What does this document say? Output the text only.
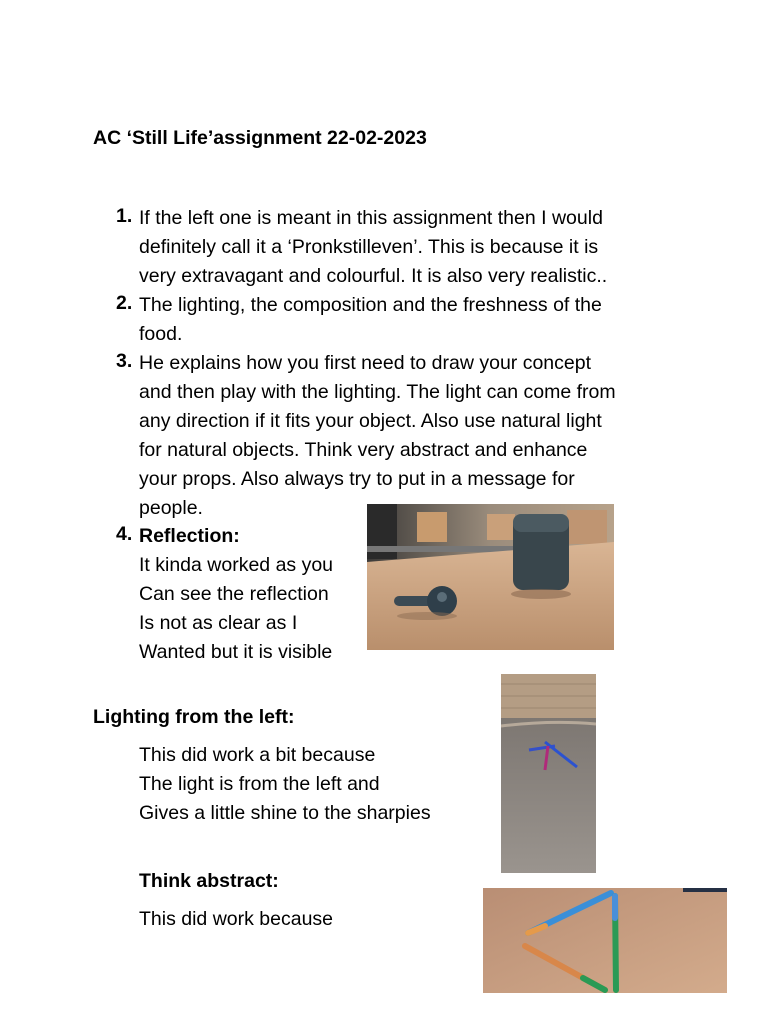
AC ‘Still Life’assignment 22-02-2023
1. If the left one is meant in this assignment then I would
definitely call it a ‘Pronkstilleven’. This is because it is
very extravagant and colourful. It is also very realistic..
2. The lighting, the composition and the freshness of the
food.
3. He explains how you first need to draw your concept
and then play with the lighting. The light can come from
any direction if it fits your object. Also use natural light
for natural objects. Think very abstract and enhance
your props. Also always try to put in a message for
people.
4. Reflection:
It kinda worked as you
Can see the reflection
Is not as clear as I
Wanted but it is visible
Lighting from the left:
This did work a bit because
The light is from the left and
Gives a little shine to the sharpies
Think abstract:
This did work because
